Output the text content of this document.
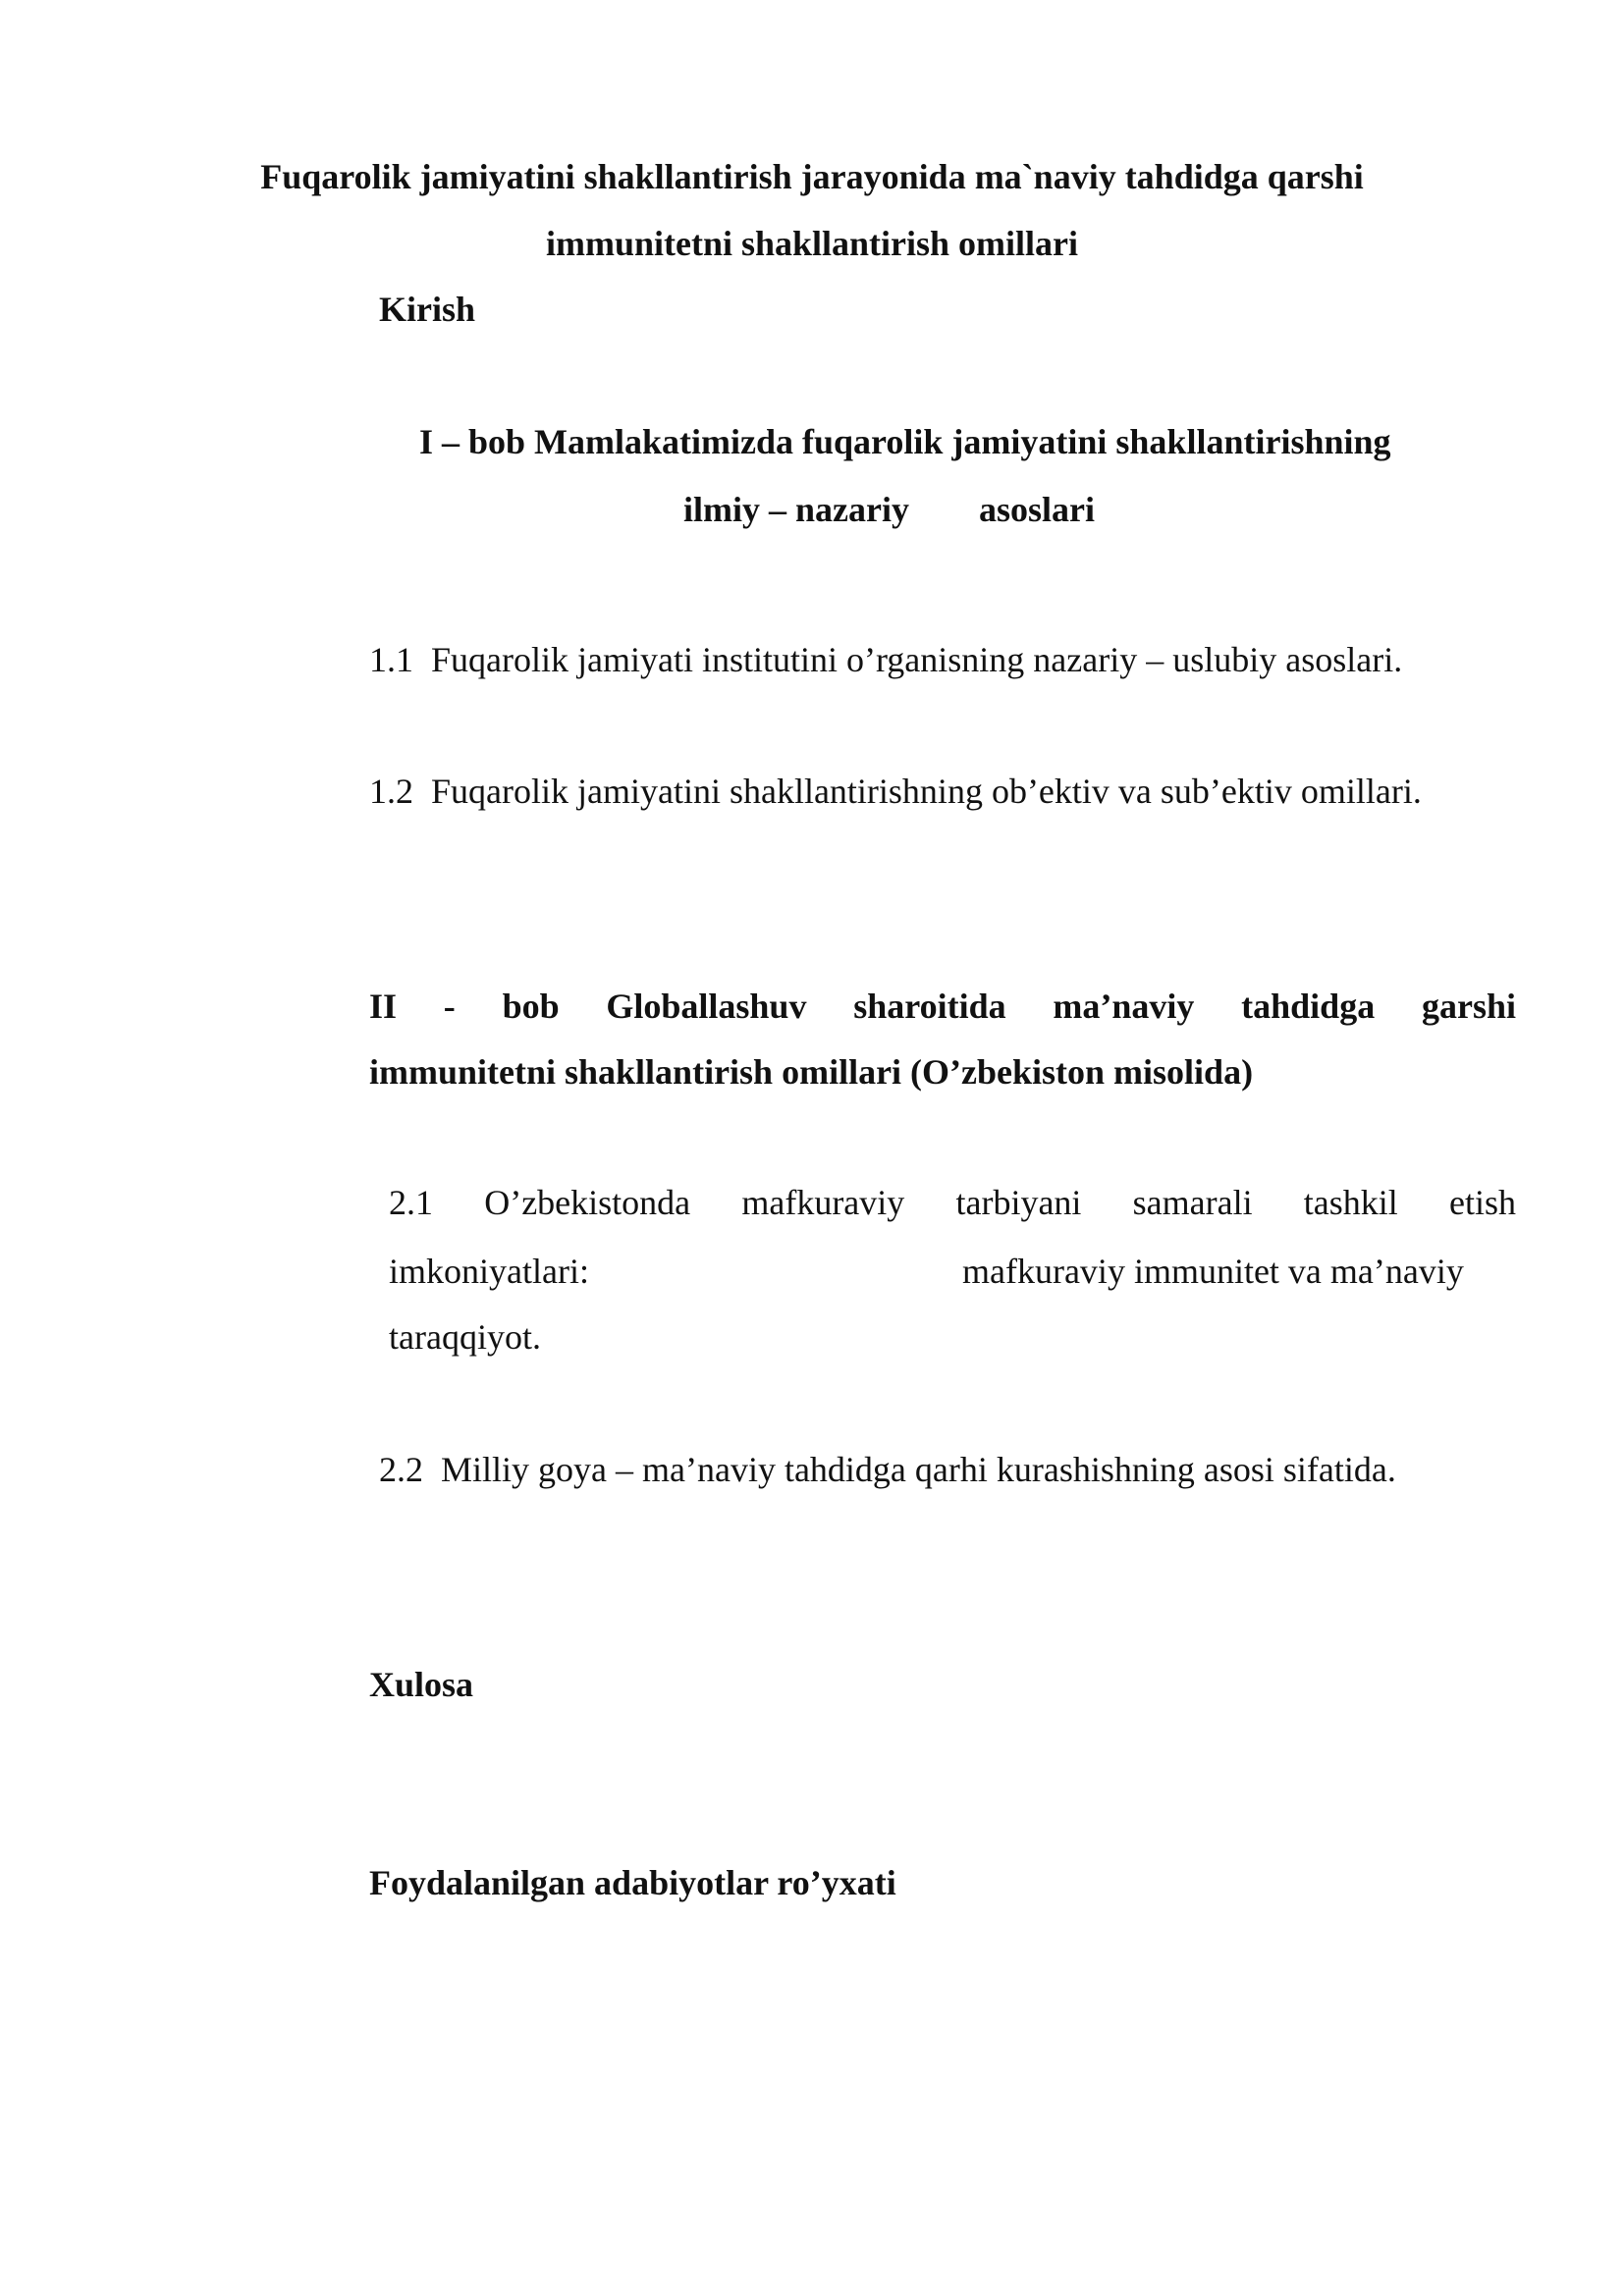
Fuqarolik jamiyatini shakllantirish jarayonida ma`naviy tahdidga qarshi
immunitetni shakllantirish omillari
Kirish
I – bob Mamlakatimizda fuqarolik jamiyatini shakllantirishning
ilmiy – nazariy asoslari
1.1 Fuqarolik jamiyati institutini o’rganisning nazariy – uslubiy asoslari.
1.2 Fuqarolik jamiyatini shakllantirishning ob’ektiv va sub’ektiv omillari.
II - bob Globallashuv sharoitida ma’naviy tahdidga garshi
immunitetni shakllantirish omillari (O’zbekiston misolida)
2.1 O’zbekistonda mafkuraviy tarbiyani samarali tashkil etish
imkoniyatlari:	mafkuraviy immunitet va ma’naviy
taraqqiyot.
2.2 Milliy goya – ma’naviy tahdidga qarhi kurashishning asosi sifatida.
Xulosa
Foydalanilgan adabiyotlar ro’yxati
